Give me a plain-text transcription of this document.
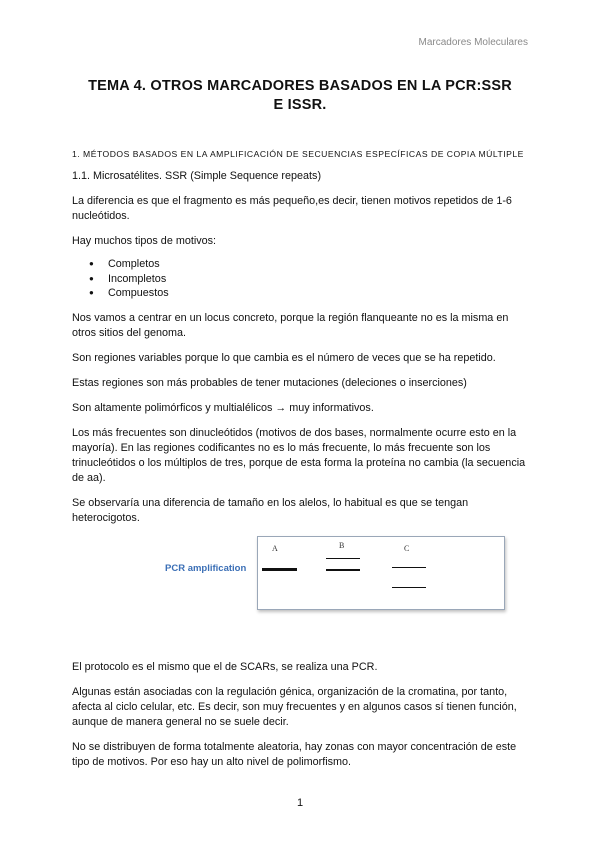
Marcadores Moleculares
TEMA 4. OTROS MARCADORES BASADOS EN LA PCR:SSR
E ISSR.
1. MÉTODOS BASADOS EN LA AMPLIFICACIÓN DE SECUENCIAS ESPECÍFICAS DE COPIA MÚLTIPLE

1.1. Microsatélites. SSR (Simple Sequence repeats)

La diferencia es que el fragmento es más pequeño,es decir, tienen motivos repetidos de 1-6 nucleótidos.

Hay muchos tipos de motivos:

● Completos
● Incompletos
● Compuestos

Nos vamos a centrar en un locus concreto, porque la región flanqueante no es la misma en otros sitios del genoma.

Son regiones variables porque lo que cambia es el número de veces que se ha repetido.

Estas regiones son más probables de tener mutaciones (deleciones o inserciones)

Son altamente polimórficos y multialélicos → muy informativos.

Los más frecuentes son dinucleótidos (motivos de dos bases, normalmente ocurre esto en la mayoría). En las regiones codificantes no es lo más frecuente, lo más frecuente son los trinucleótidos o los múltiplos de tres, porque de esta forma la proteína no cambia (la secuencia de aa).

Se observaría una diferencia de tamaño en los alelos, lo habitual es que se tengan heterocigotos.

PCR amplification
A	B	C

El protocolo es el mismo que el de SCARs, se realiza una PCR.

Algunas están asociadas con la regulación génica, organización de la cromatina, por tanto, afecta al ciclo celular, etc. Es decir, son muy frecuentes y en algunos casos sí tienen función, aunque de manera general no se suele decir.

No se distribuyen de forma totalmente aleatoria, hay zonas con mayor concentración de este tipo de motivos. Por eso hay un alto nivel de polimorfismo.

1
